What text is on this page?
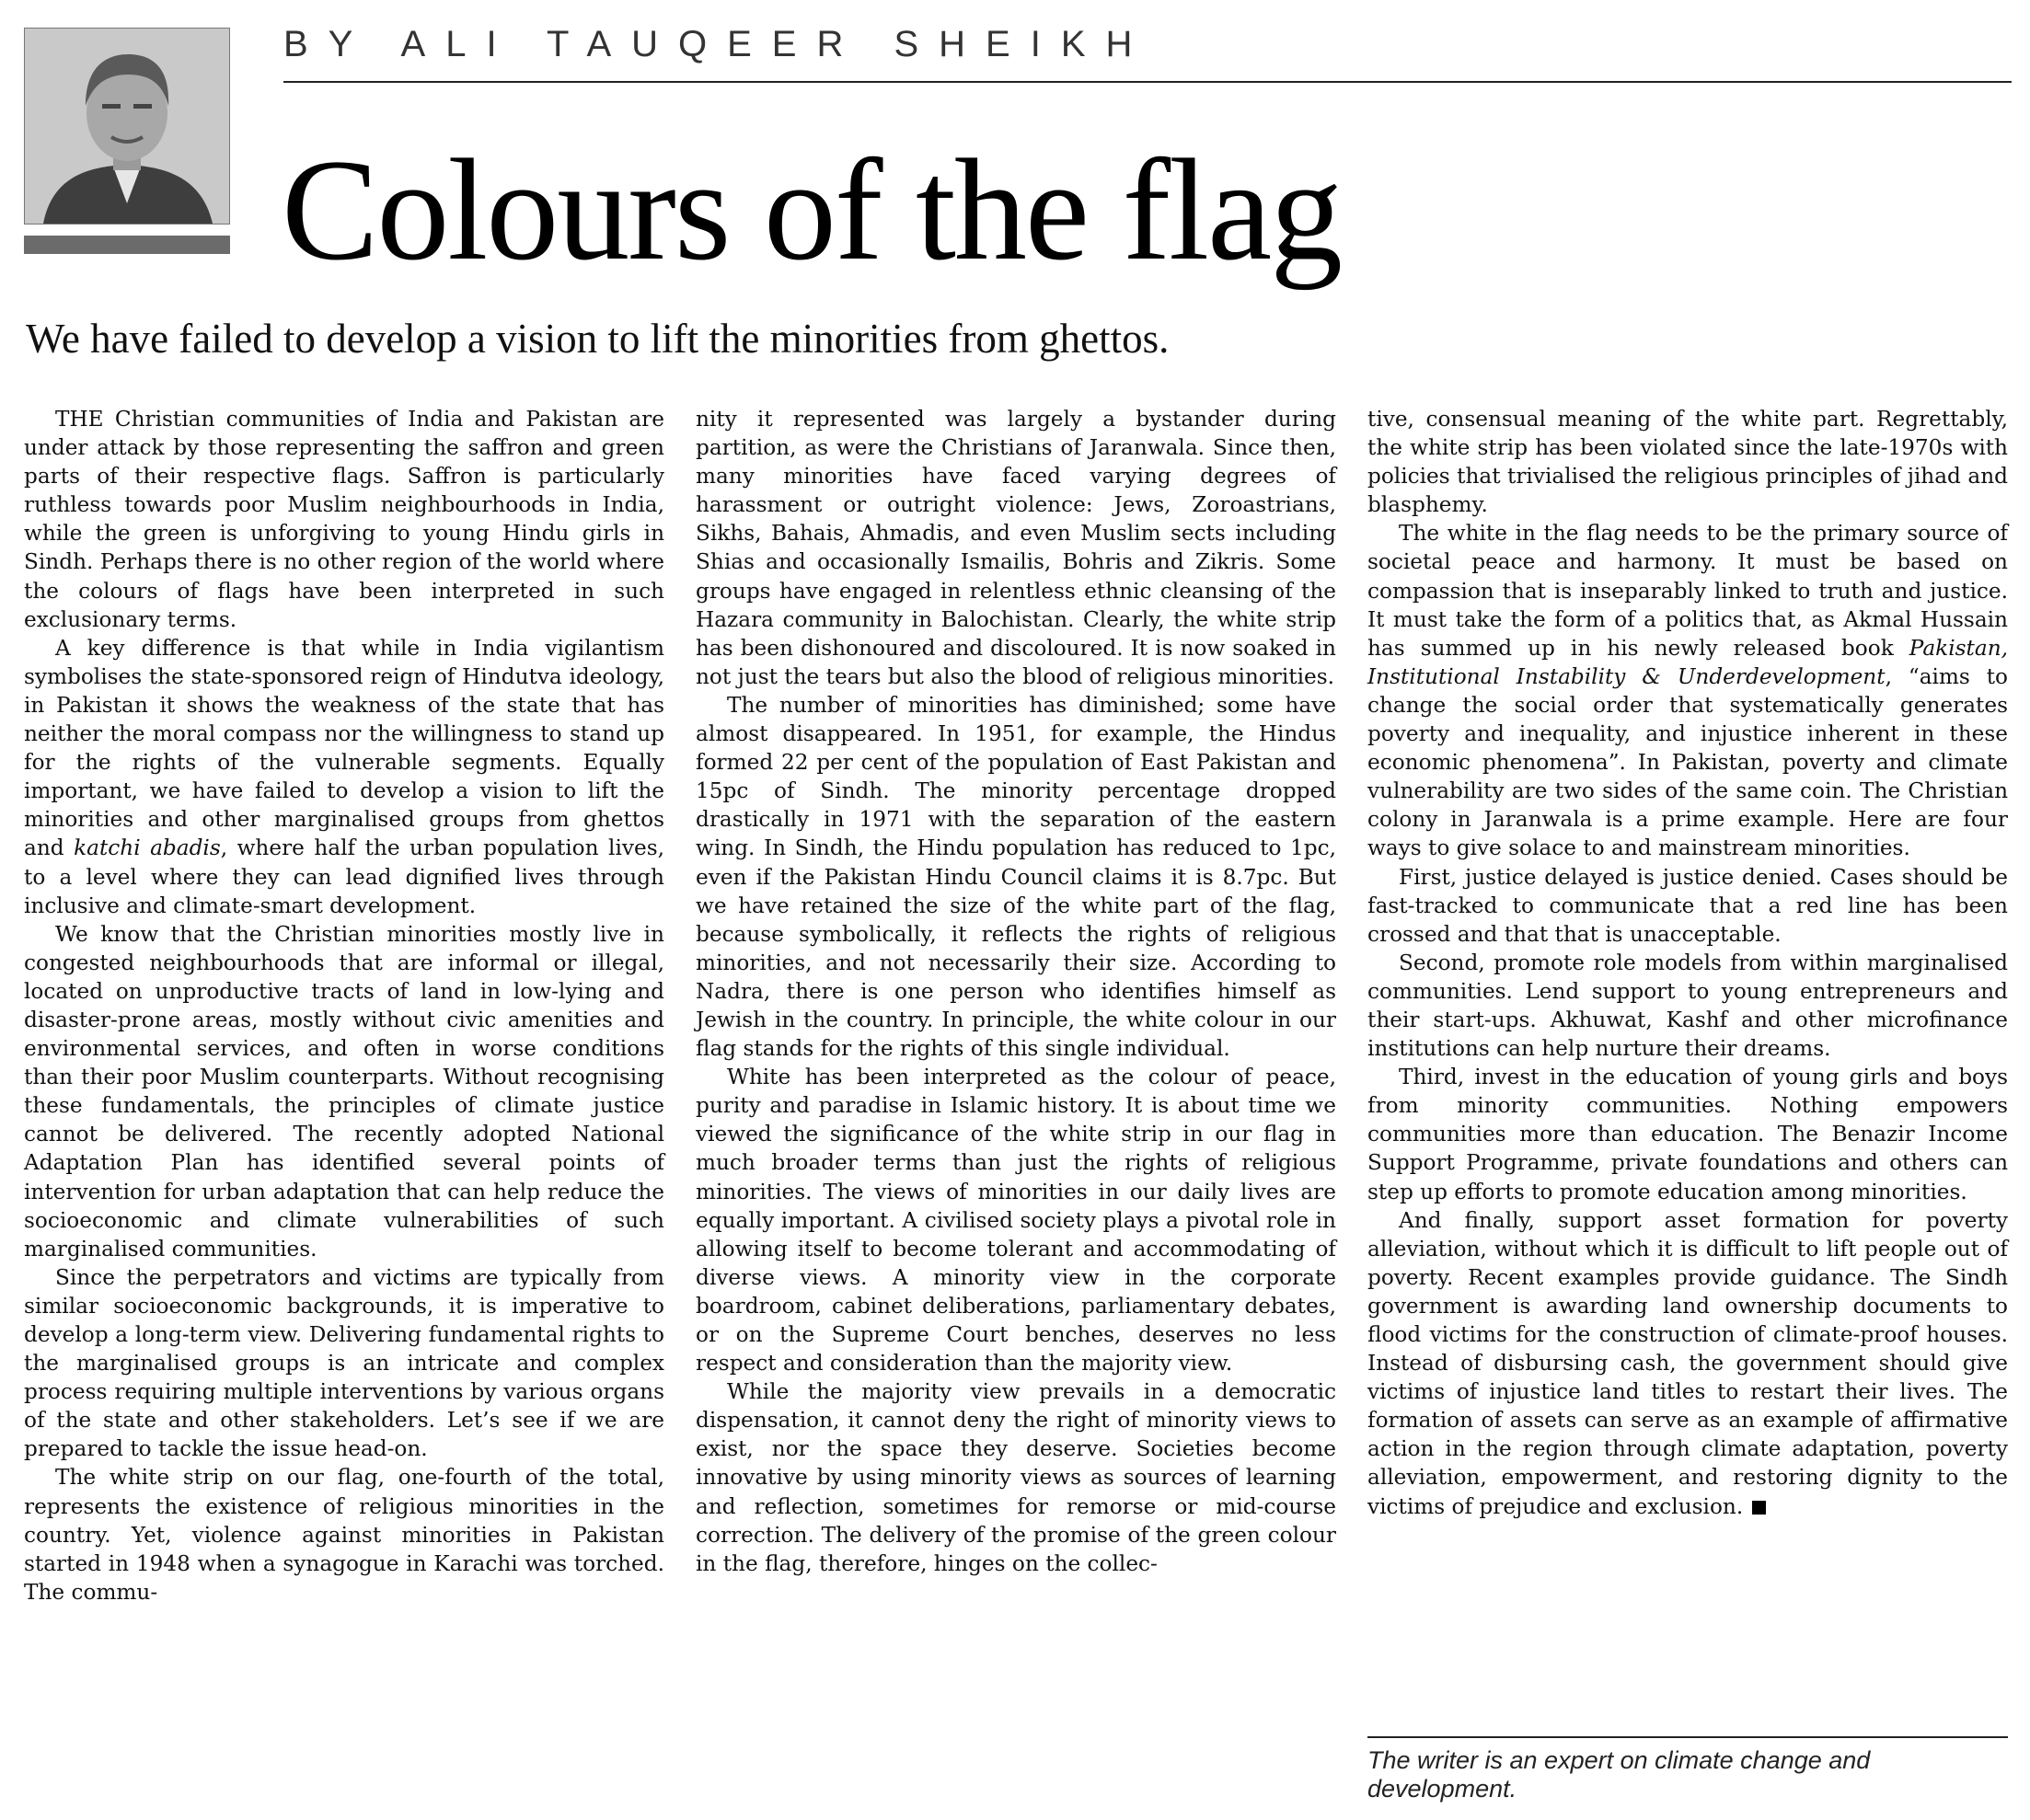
BY ALI TAUQEER SHEIKH
Colours of the flag
We have failed to develop a vision to lift the minorities from ghettos.

THE Christian communities of India and Pakistan are under attack by those representing the saffron and green parts of their respective flags. Saffron is particularly ruthless towards poor Muslim neighbourhoods in India, while the green is unforgiving to young Hindu girls in Sindh. Perhaps there is no other region of the world where the colours of flags have been interpreted in such exclusionary terms.

A key difference is that while in India vigilantism symbolises the state-sponsored reign of Hindutva ideology, in Pakistan it shows the weakness of the state that has neither the moral compass nor the willingness to stand up for the rights of the vulnerable segments. Equally important, we have failed to develop a vision to lift the minorities and other marginalised groups from ghettos and katchi abadis, where half the urban population lives, to a level where they can lead dignified lives through inclusive and climate-smart development.

We know that the Christian minorities mostly live in congested neighbourhoods that are informal or illegal, located on unproductive tracts of land in low-lying and disaster-prone areas, mostly without civic amenities and environmental services, and often in worse conditions than their poor Muslim counterparts. Without recognising these fundamentals, the principles of climate justice cannot be delivered. The recently adopted National Adaptation Plan has identified several points of intervention for urban adaptation that can help reduce the socioeconomic and climate vulnerabilities of such marginalised communities.

Since the perpetrators and victims are typically from similar socioeconomic backgrounds, it is imperative to develop a long-term view. Delivering fundamental rights to the marginalised groups is an intricate and complex process requiring multiple interventions by various organs of the state and other stakeholders. Let’s see if we are prepared to tackle the issue head-on.

The white strip on our flag, one-fourth of the total, represents the existence of religious minorities in the country. Yet, violence against minorities in Pakistan started in 1948 when a synagogue in Karachi was torched. The commu-

nity it represented was largely a bystander during partition, as were the Christians of Jaranwala. Since then, many minorities have faced varying degrees of harassment or outright violence: Jews, Zoroastrians, Sikhs, Bahais, Ahmadis, and even Muslim sects including Shias and occasionally Ismailis, Bohris and Zikris. Some groups have engaged in relentless ethnic cleansing of the Hazara community in Balochistan. Clearly, the white strip has been dishonoured and discoloured. It is now soaked in not just the tears but also the blood of religious minorities.

The number of minorities has diminished; some have almost disappeared. In 1951, for example, the Hindus formed 22 per cent of the population of East Pakistan and 15pc of Sindh. The minority percentage dropped drastically in 1971 with the separation of the eastern wing. In Sindh, the Hindu population has reduced to 1pc, even if the Pakistan Hindu Council claims it is 8.7pc. But we have retained the size of the white part of the flag, because symbolically, it reflects the rights of religious minorities, and not necessarily their size. According to Nadra, there is one person who identifies himself as Jewish in the country. In principle, the white colour in our flag stands for the rights of this single individual.

White has been interpreted as the colour of peace, purity and paradise in Islamic history. It is about time we viewed the significance of the white strip in our flag in much broader terms than just the rights of religious minorities. The views of minorities in our daily lives are equally important. A civilised society plays a pivotal role in allowing itself to become tolerant and accommodating of diverse views. A minority view in the corporate boardroom, cabinet deliberations, parliamentary debates, or on the Supreme Court benches, deserves no less respect and consideration than the majority view.

While the majority view prevails in a democratic dispensation, it cannot deny the right of minority views to exist, nor the space they deserve. Societies become innovative by using minority views as sources of learning and reflection, sometimes for remorse or mid-course correction. The delivery of the promise of the green colour in the flag, therefore, hinges on the collec-

tive, consensual meaning of the white part. Regrettably, the white strip has been violated since the late-1970s with policies that trivialised the religious principles of jihad and blasphemy.

The white in the flag needs to be the primary source of societal peace and harmony. It must be based on compassion that is inseparably linked to truth and justice. It must take the form of a politics that, as Akmal Hussain has summed up in his newly released book Pakistan, Institutional Instability & Underdevelopment, “aims to change the social order that systematically generates poverty and inequality, and injustice inherent in these economic phenomena”. In Pakistan, poverty and climate vulnerability are two sides of the same coin. The Christian colony in Jaranwala is a prime example. Here are four ways to give solace to and mainstream minorities.

First, justice delayed is justice denied. Cases should be fast-tracked to communicate that a red line has been crossed and that that is unacceptable.

Second, promote role models from within marginalised communities. Lend support to young entrepreneurs and their start-ups. Akhuwat, Kashf and other microfinance institutions can help nurture their dreams.

Third, invest in the education of young girls and boys from minority communities. Nothing empowers communities more than education. The Benazir Income Support Programme, private foundations and others can step up efforts to promote education among minorities.

And finally, support asset formation for poverty alleviation, without which it is difficult to lift people out of poverty. Recent examples provide guidance. The Sindh government is awarding land ownership documents to flood victims for the construction of climate-proof houses. Instead of disbursing cash, the government should give victims of injustice land titles to restart their lives. The formation of assets can serve as an example of affirmative action in the region through climate adaptation, poverty alleviation, empowerment, and restoring dignity to the victims of prejudice and exclusion.

The writer is an expert on climate change and development.
